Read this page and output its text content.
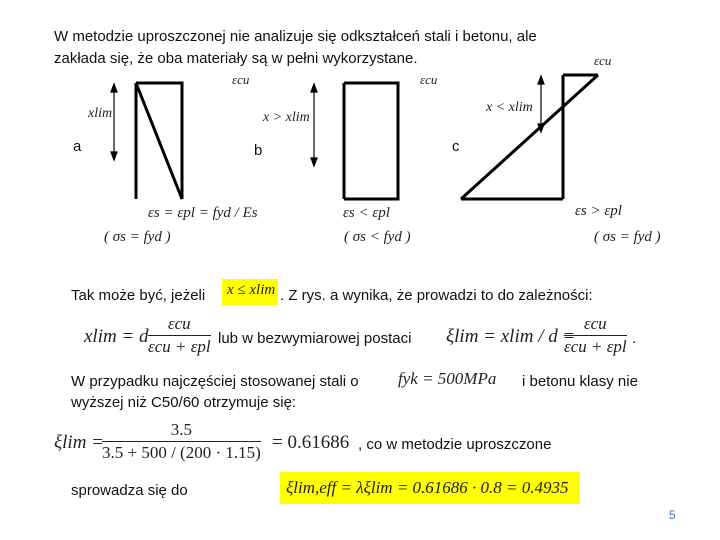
W metodzie uproszczonej nie analizuje się odkształceń stali i betonu, ale
zakłada się, że oba materiały są w pełni wykorzystane.
a	b	c
εcu	εcu
εcu
xlim	x > xlim
x < xlim
εs = εpl = fyd / Es	εs < εpl	εs > εpl
( σs = fyd )	( σs < fyd )	( σs = fyd )
Tak może być, jeżeli x ≤ xlim . Z rys. a wynika, że prowadzi to do zależności:
xlim = d
εcu
εcu + εpl lub w bezwymiarowej postaci ξlim = xlim / d =
εcu
εcu + εpl .
W przypadku najczęściej stosowanej stali o fyk = 500MPa i betonu klasy nie
wyższej niż C50/60 otrzymuje się:
ξlim =
3.5
3.5 + 500 / (200 · 1.15) = 0.61686 , co w metodzie uproszczone
sprowadza się do	ξlim,eff = λξlim = 0.61686 · 0.8 = 0.4935
5
